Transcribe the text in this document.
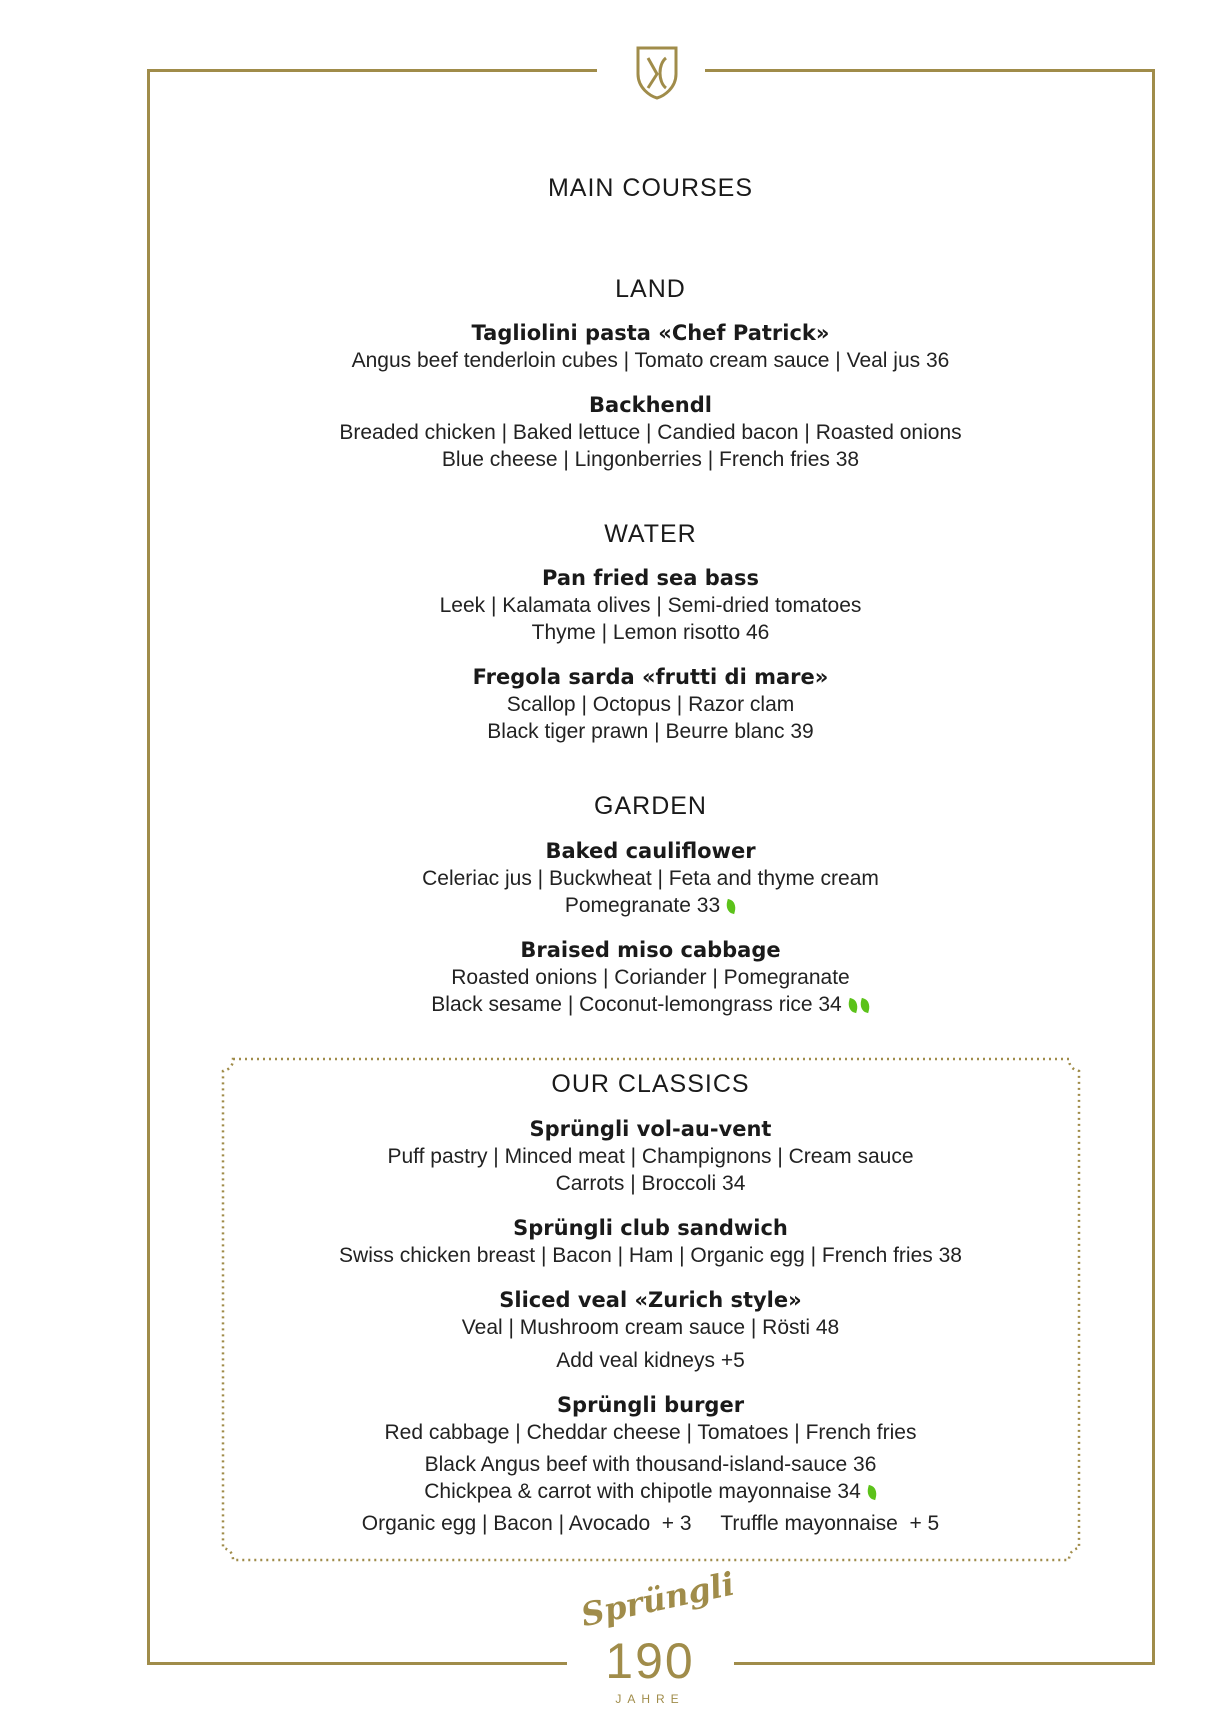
MAIN COURSES
LAND
Tagliolini pasta «Chef Patrick»
Angus beef tenderloin cubes | Tomato cream sauce | Veal jus 36
Backhendl
Breaded chicken | Baked lettuce | Candied bacon | Roasted onions
Blue cheese | Lingonberries | French fries 38
WATER
Pan fried sea bass
Leek | Kalamata olives | Semi-dried tomatoes
Thyme | Lemon risotto 46
Fregola sarda «frutti di mare»
Scallop | Octopus | Razor clam
Black tiger prawn | Beurre blanc 39
GARDEN
Baked cauliflower
Celeriac jus | Buckwheat | Feta and thyme cream
Pomegranate 33
Braised miso cabbage
Roasted onions | Coriander | Pomegranate
Black sesame | Coconut-lemongrass rice 34
OUR CLASSICS
Sprüngli vol-au-vent
Puff pastry | Minced meat | Champignons | Cream sauce
Carrots | Broccoli 34
Sprüngli club sandwich
Swiss chicken breast | Bacon | Ham | Organic egg | French fries 38
Sliced veal «Zurich style»
Veal | Mushroom cream sauce | Rösti 48
Add veal kidneys +5
Sprüngli burger
Red cabbage | Cheddar cheese | Tomatoes | French fries
Black Angus beef with thousand-island-sauce 36
Chickpea & carrot with chipotle mayonnaise 34
Organic egg | Bacon | Avocado  + 3     Truffle mayonnaise  + 5
Sprüngli
190
JAHRE
